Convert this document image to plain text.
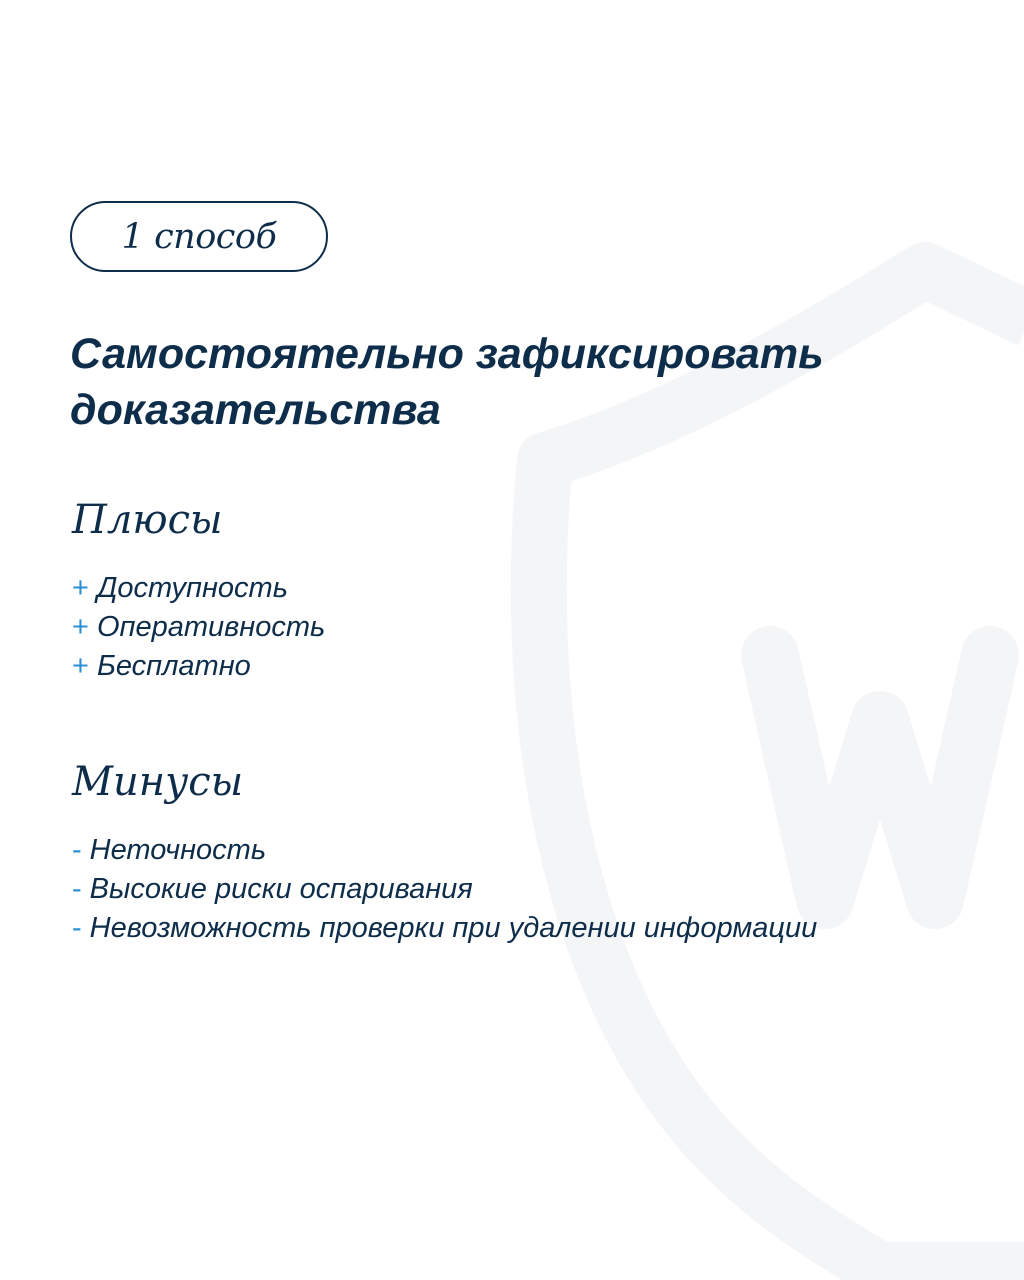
1 способ
Самостоятельно зафиксировать
доказательства
Плюсы
+ Доступность
+ Оперативность
+ Бесплатно
Минусы
- Неточность
- Высокие риски оспаривания
- Невозможность проверки при удалении информации
